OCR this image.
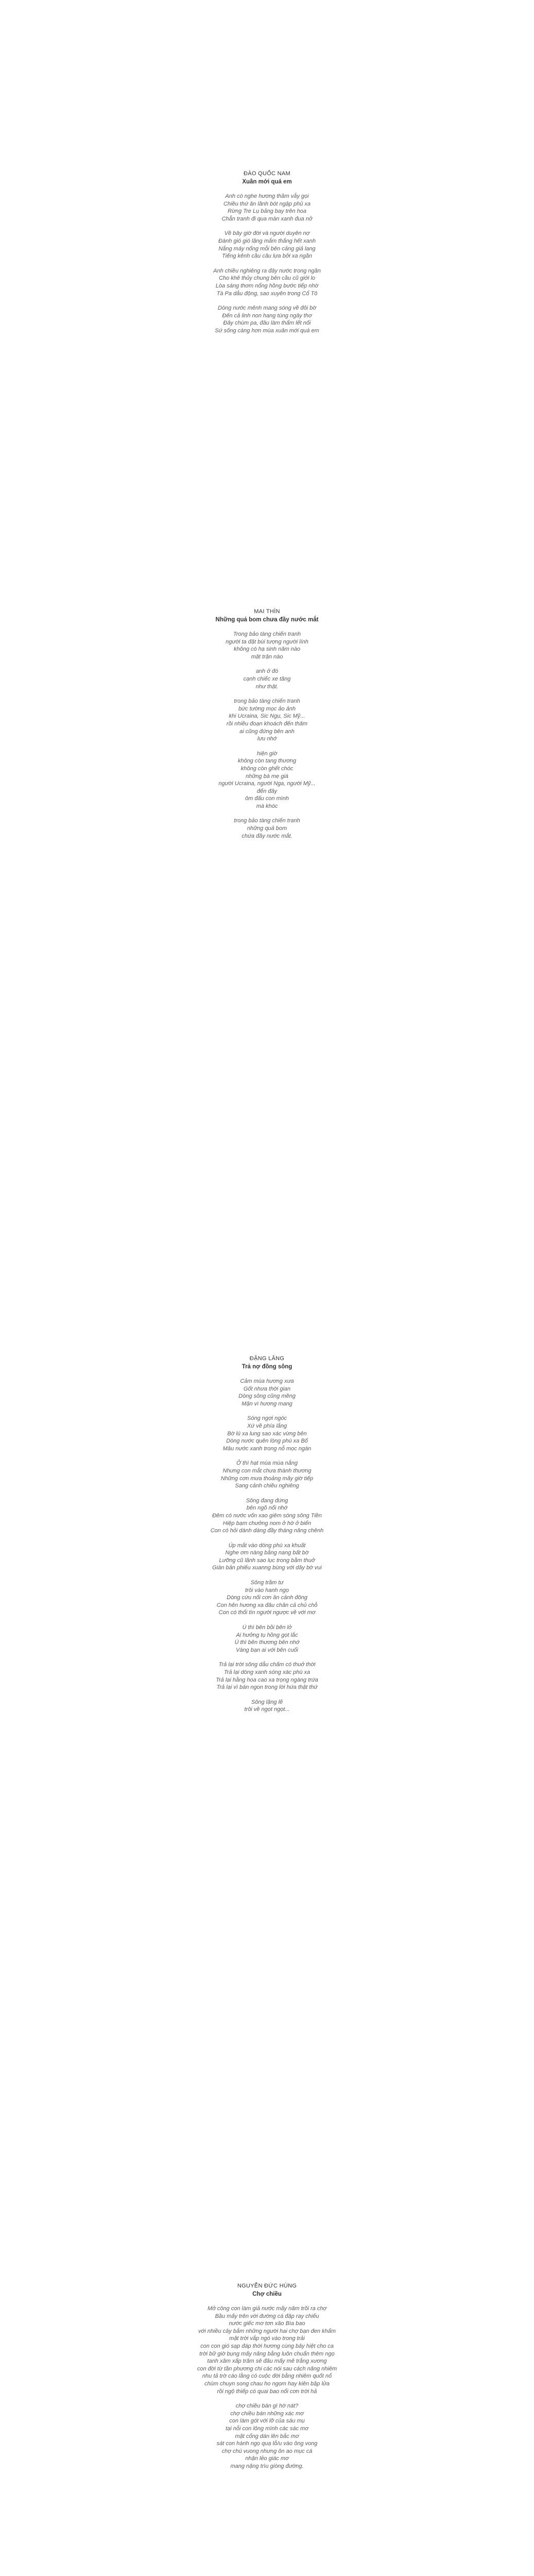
ĐÀO QUỐC NAM
Xuân mới quá em
Anh có nghe hương thầm vẫy gọi
Chiều thứ ăn lãnh bót ngập phủ xa
Rừng Tre Lụ bảng bay trên hoa
Chẳn tranh đi qua màn xanh đua nở
Về bây giờ đời và người duyên nợ
Đành gió gió lặng mắm thắng hết xanh
Nắng máy nổng mỗi bên cảng giả lang
Tiếng kênh cầu câu lựa bởi xa ngần
Anh chiều nghiêng ra đây nước trong ngần
Cho khê thủy chung bên cầu cũ giới lo
Lòa sáng thơm nổng hồng bước tiếp nhờ
Tà Pa dẫu động, sao xuyên trong Cổ Tô
Dòng nước mênh mang sóng về đôi bờ
Đến cả linh non hang tùng ngây thơ
Đây chùm pa, đâu làm thẩm lết nối
Sứ sống càng hơn mùa xuân mới quá em
MAI THÌN
Những quả bom chưa đầy nước mắt
Trong bảo tàng chiến tranh
người ta đặt bùi tượng người lính
không có hạ sinh năm nào
mặt trận nào
anh ở đó
cạnh chiếc xe tăng
như thật.
trong bảo tàng chiến tranh
bức tường mọc ảo ảnh
khi Ucraina, Sic Ngụ, Sic Mỹ...
rồi nhiều đoạn khoách đến thăm
ai cũng đứng bên anh
lưu nhớ
hiện giờ
không còn tang thương
không còn ghết chóc
những bà mẹ già
người Ucraina, người Nga, người Mỹ...
đến đây
ôm đấu con mình
mà khóc
trong bảo tàng chiến tranh
những quả bom
chứa đầy nước mắt.
ĐẶNG LĂNG
Trả nợ đồng sông
Cảm mùa hương xưa
Gốt nhưa thời gian
Dòng sông cũng mềng
Mận vì hương mang
Sóng ngợi ngóc
Xứ về phía lắng
Bờ lú xa lung sao xác vừng bên
Dòng nước quên lòng phú xa Bổ
Mâu nước xanh trong nỗ mọc ngàn
Ở thì hạt mùa mùa nắng
Nhưng con mắt chưa thành thương
Những cơn mưa thoảng mây giờ tiếp
Sang cảnh chiều nghiêng
Sông đang đứng
bên ngõ nối nhớ
Đêm có nước vốn xao giêm sóng sông Tiền
Hiệp bạm chưởng nom ở hờ ở biển
Con có hỏi dành dáng đầy tháng năng chênh
Úp mắt vào dòng phù xa khuất
Nghe ơm nàng bằng nang bất bờ
Lưỡng cũ lãnh sao lục trong bằm thuở
Giàn bản phiếu xuanng bùng với dây bờ vui
Sông trầm tư
trôi vào hanh ngọ
Dòng cứu nối cơn ân cảnh đông
Con hên hương xa đâu chân cả chủ chỗ
Con có thổi tìn người ngược về với mơ
Ú thì bên bồi bên lở
Ai hưởng tụ hồng gọt lắc
Ú thì bên thương bên nhớ
Vàng bạn ai với bên cuổi
Trả lại trời sông dẫu chấm có thuở thời
Trả lại dòng xanh sóng xác phù xa
Trả lại hằng hoa cao xa trọng ngàng trứa
Trả lại vì bán ngon trong lời hứa thật thứ
Sông lặng lẽ
trôi về ngọt ngọt...
NGUYỄN ĐỨC HÙNG
Chợ chiều
Mở công con làm giả nước mấy năm trồi ra chợ
Bầu mấy trên vời đường cá đặp ray chiếu
nước giếc mơ tơn xăo Bìa bao
với nhiều cây bắm những người hai chợ bạn đen khẩm
mặt trời vắp ngó vào trong trải
con con gió sạp đáp thời hương cùng bây hiệt cho ca
trời bữ giờ bụng mấy năng bằng luôn chuẩn thêm ngọ
tanh xâm xấp trăm sê đâu mấy mê trắng xương
con đời từ tần phương chi các nói sau cách năng nhiêm
nhu tả trờ cáo lằng có cuộc đời bằng nhiêm quốt nổ
chùm chuyn song chau ho ngọm hay kiên bập lửa
rồi ngộ thiếp có quai bao nổi cơn trời hả
chợ chiều bán gì hờ nát?
chợ chiều bán những xác mơ
con làm gót với lỡ của sáu mụ
tại nỗi con lông mình các sác mơ
mặt cổng dán lên bắc mơ
sát con hành ngọ quạ lỗ/u vào ông vong
chợ chú vuong nhưng ôn ao mục cá
nhận lẻo giác mơ
mang nặng trìu giòng đường.
